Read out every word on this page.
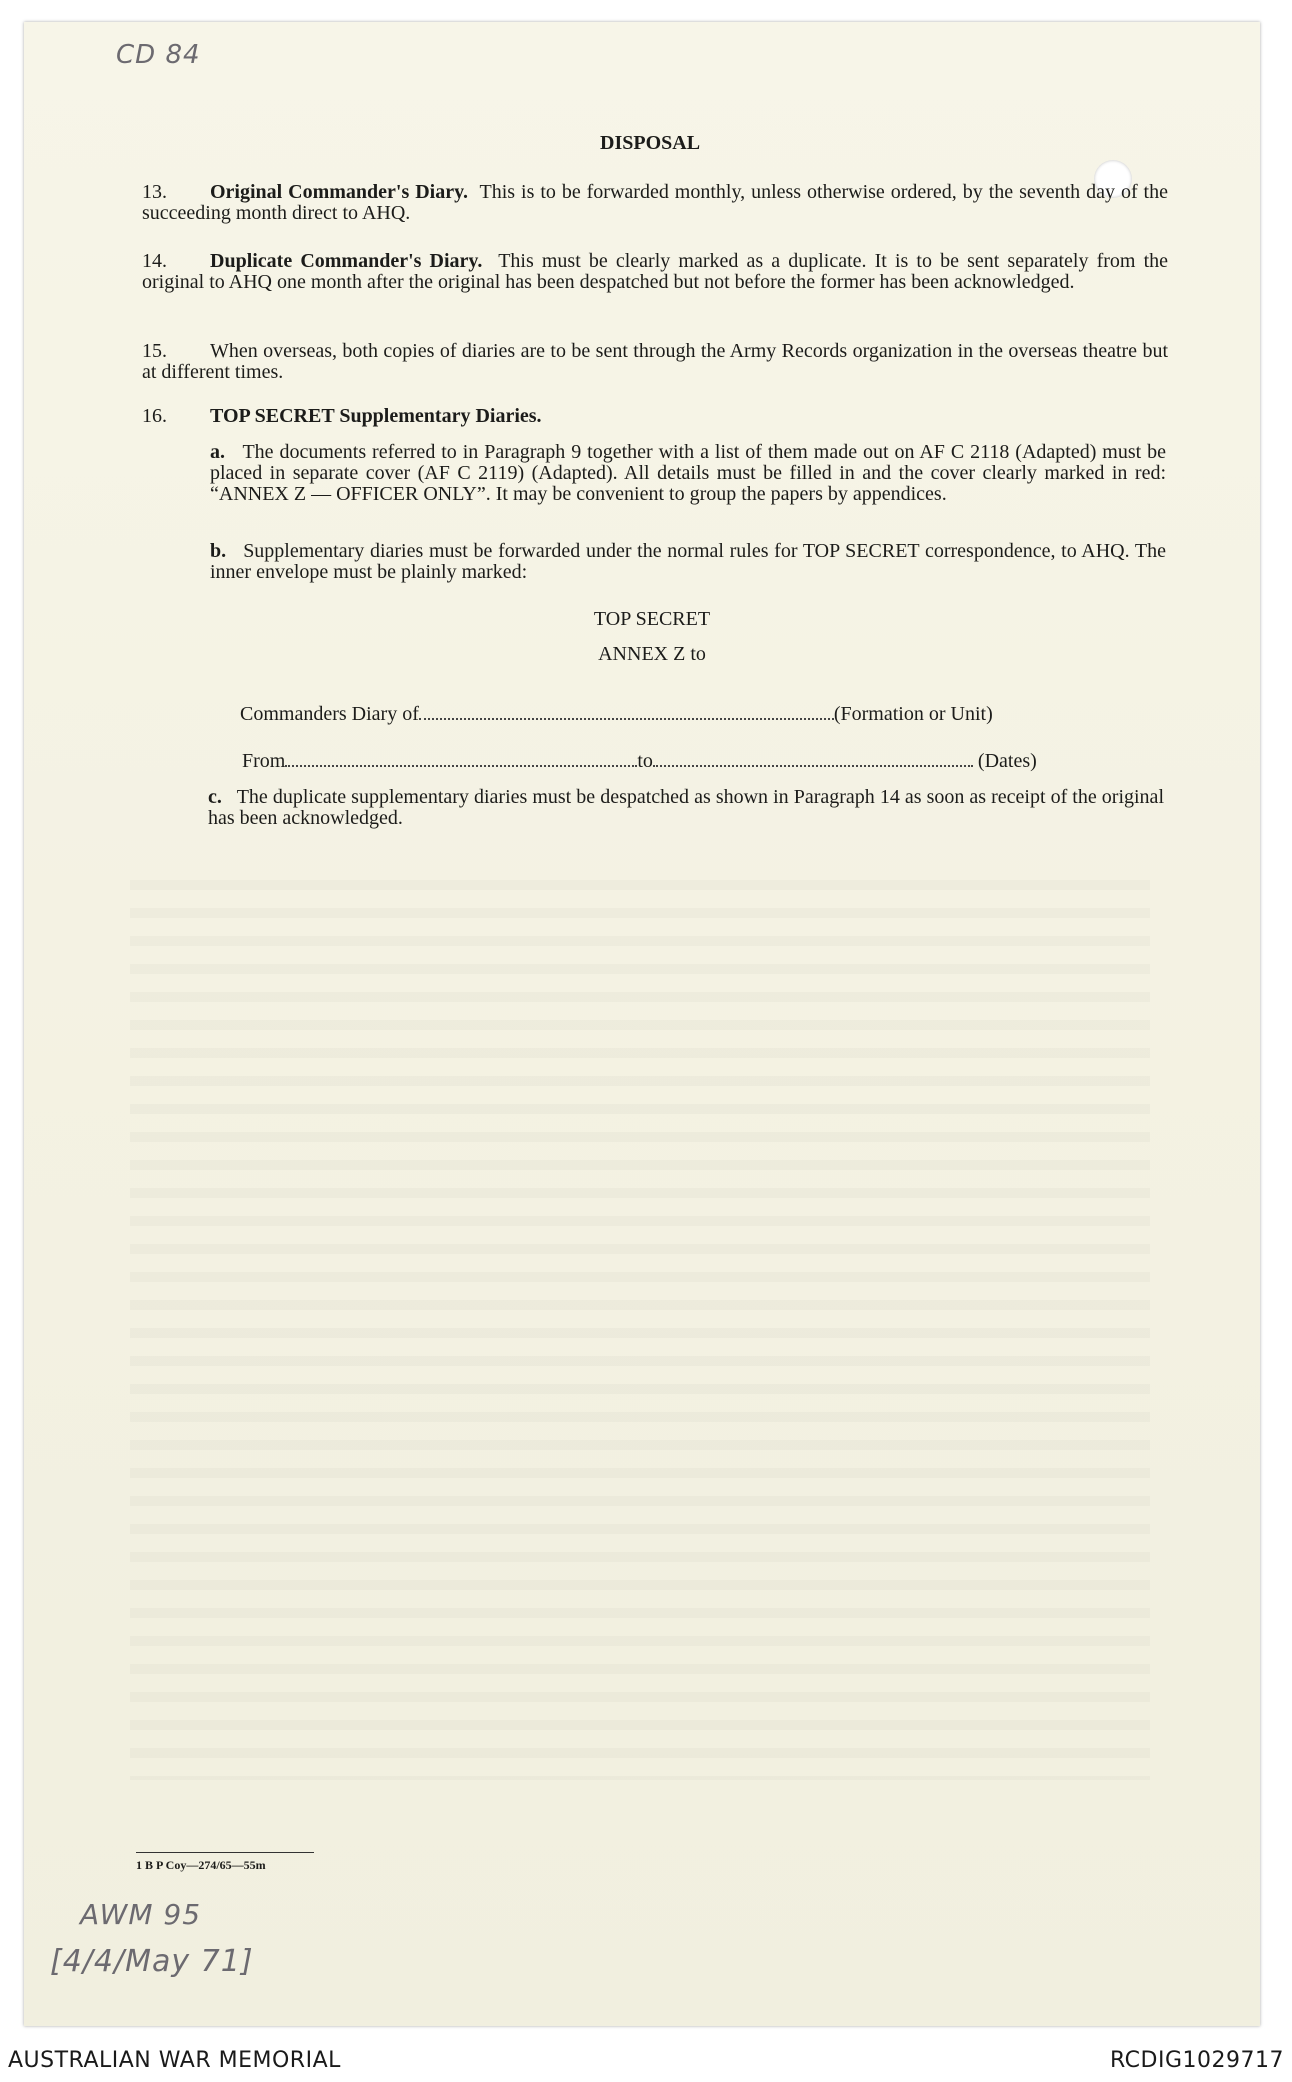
CD 84
DISPOSAL
13. Original Commander's Diary. This is to be forwarded monthly, unless otherwise ordered, by the seventh day of the succeeding month direct to AHQ.
14. Duplicate Commander's Diary. This must be clearly marked as a duplicate. It is to be sent separately from the original to AHQ one month after the original has been despatched but not before the former has been acknowledged.
15. When overseas, both copies of diaries are to be sent through the Army Records organization in the overseas theatre but at different times.
16. TOP SECRET Supplementary Diaries.
a. The documents referred to in Paragraph 9 together with a list of them made out on AF C 2118 (Adapted) must be placed in separate cover (AF C 2119) (Adapted). All details must be filled in and the cover clearly marked in red: “ANNEX Z — OFFICER ONLY”. It may be convenient to group the papers by appendices.
b. Supplementary diaries must be forwarded under the normal rules for TOP SECRET correspondence, to AHQ. The inner envelope must be plainly marked:
TOP SECRET
ANNEX Z to
Commanders Diary of	(Formation or Unit)
From	to	(Dates)
c. The duplicate supplementary diaries must be despatched as shown in Paragraph 14 as soon as receipt of the original has been acknowledged.
1 B P Coy—274/65—55m
AWM 95
[4/4/May 71]
AUSTRALIAN WAR MEMORIAL	RCDIG1029717
